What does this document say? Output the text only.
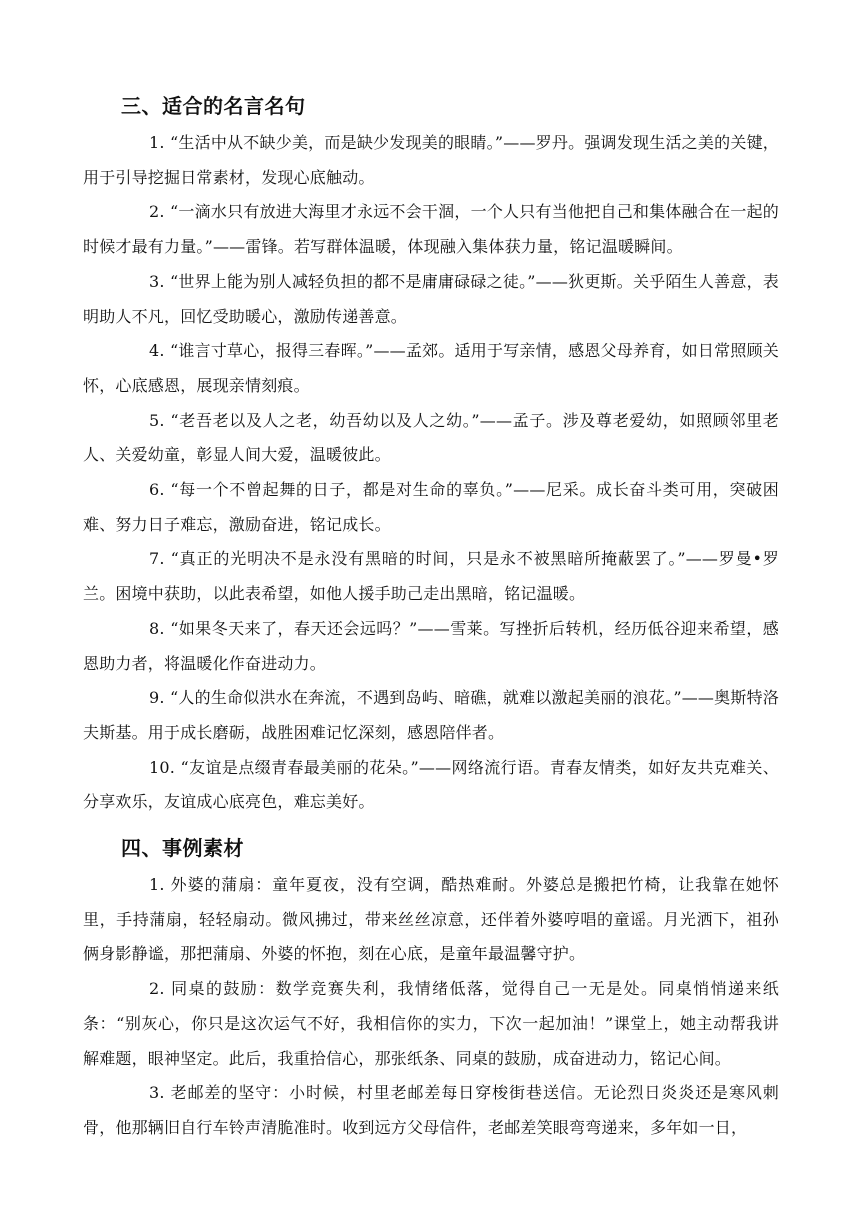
三、适合的名言名句

1. “生活中从不缺少美，而是缺少发现美的眼睛。”——罗丹。强调发现生活之美的关键，用于引导挖掘日常素材，发现心底触动。

2. “一滴水只有放进大海里才永远不会干涸，一个人只有当他把自己和集体融合在一起的时候才最有力量。”——雷锋。若写群体温暖，体现融入集体获力量，铭记温暖瞬间。

3. “世界上能为别人减轻负担的都不是庸庸碌碌之徒。”——狄更斯。关乎陌生人善意，表明助人不凡，回忆受助暖心，激励传递善意。

4. “谁言寸草心，报得三春晖。”——孟郊。适用于写亲情，感恩父母养育，如日常照顾关怀，心底感恩，展现亲情刻痕。

5. “老吾老以及人之老，幼吾幼以及人之幼。”——孟子。涉及尊老爱幼，如照顾邻里老人、关爱幼童，彰显人间大爱，温暖彼此。

6. “每一个不曾起舞的日子，都是对生命的辜负。”——尼采。成长奋斗类可用，突破困难、努力日子难忘，激励奋进，铭记成长。

7. “真正的光明决不是永没有黑暗的时间，只是永不被黑暗所掩蔽罢了。”——罗曼•罗兰。困境中获助，以此表希望，如他人援手助己走出黑暗，铭记温暖。

8. “如果冬天来了，春天还会远吗？”——雪莱。写挫折后转机，经历低谷迎来希望，感恩助力者，将温暖化作奋进动力。

9. “人的生命似洪水在奔流，不遇到岛屿、暗礁，就难以激起美丽的浪花。”——奥斯特洛夫斯基。用于成长磨砺，战胜困难记忆深刻，感恩陪伴者。

10. “友谊是点缀青春最美丽的花朵。”——网络流行语。青春友情类，如好友共克难关、分享欢乐，友谊成心底亮色，难忘美好。

四、事例素材

1. 外婆的蒲扇：童年夏夜，没有空调，酷热难耐。外婆总是搬把竹椅，让我靠在她怀里，手持蒲扇，轻轻扇动。微风拂过，带来丝丝凉意，还伴着外婆哼唱的童谣。月光洒下，祖孙俩身影静谧，那把蒲扇、外婆的怀抱，刻在心底，是童年最温馨守护。

2. 同桌的鼓励：数学竞赛失利，我情绪低落，觉得自己一无是处。同桌悄悄递来纸条：“别灰心，你只是这次运气不好，我相信你的实力，下次一起加油！”课堂上，她主动帮我讲解难题，眼神坚定。此后，我重拾信心，那张纸条、同桌的鼓励，成奋进动力，铭记心间。

3. 老邮差的坚守：小时候，村里老邮差每日穿梭街巷送信。无论烈日炎炎还是寒风刺骨，他那辆旧自行车铃声清脆准时。收到远方父母信件，老邮差笑眼弯弯递来，多年如一日，
